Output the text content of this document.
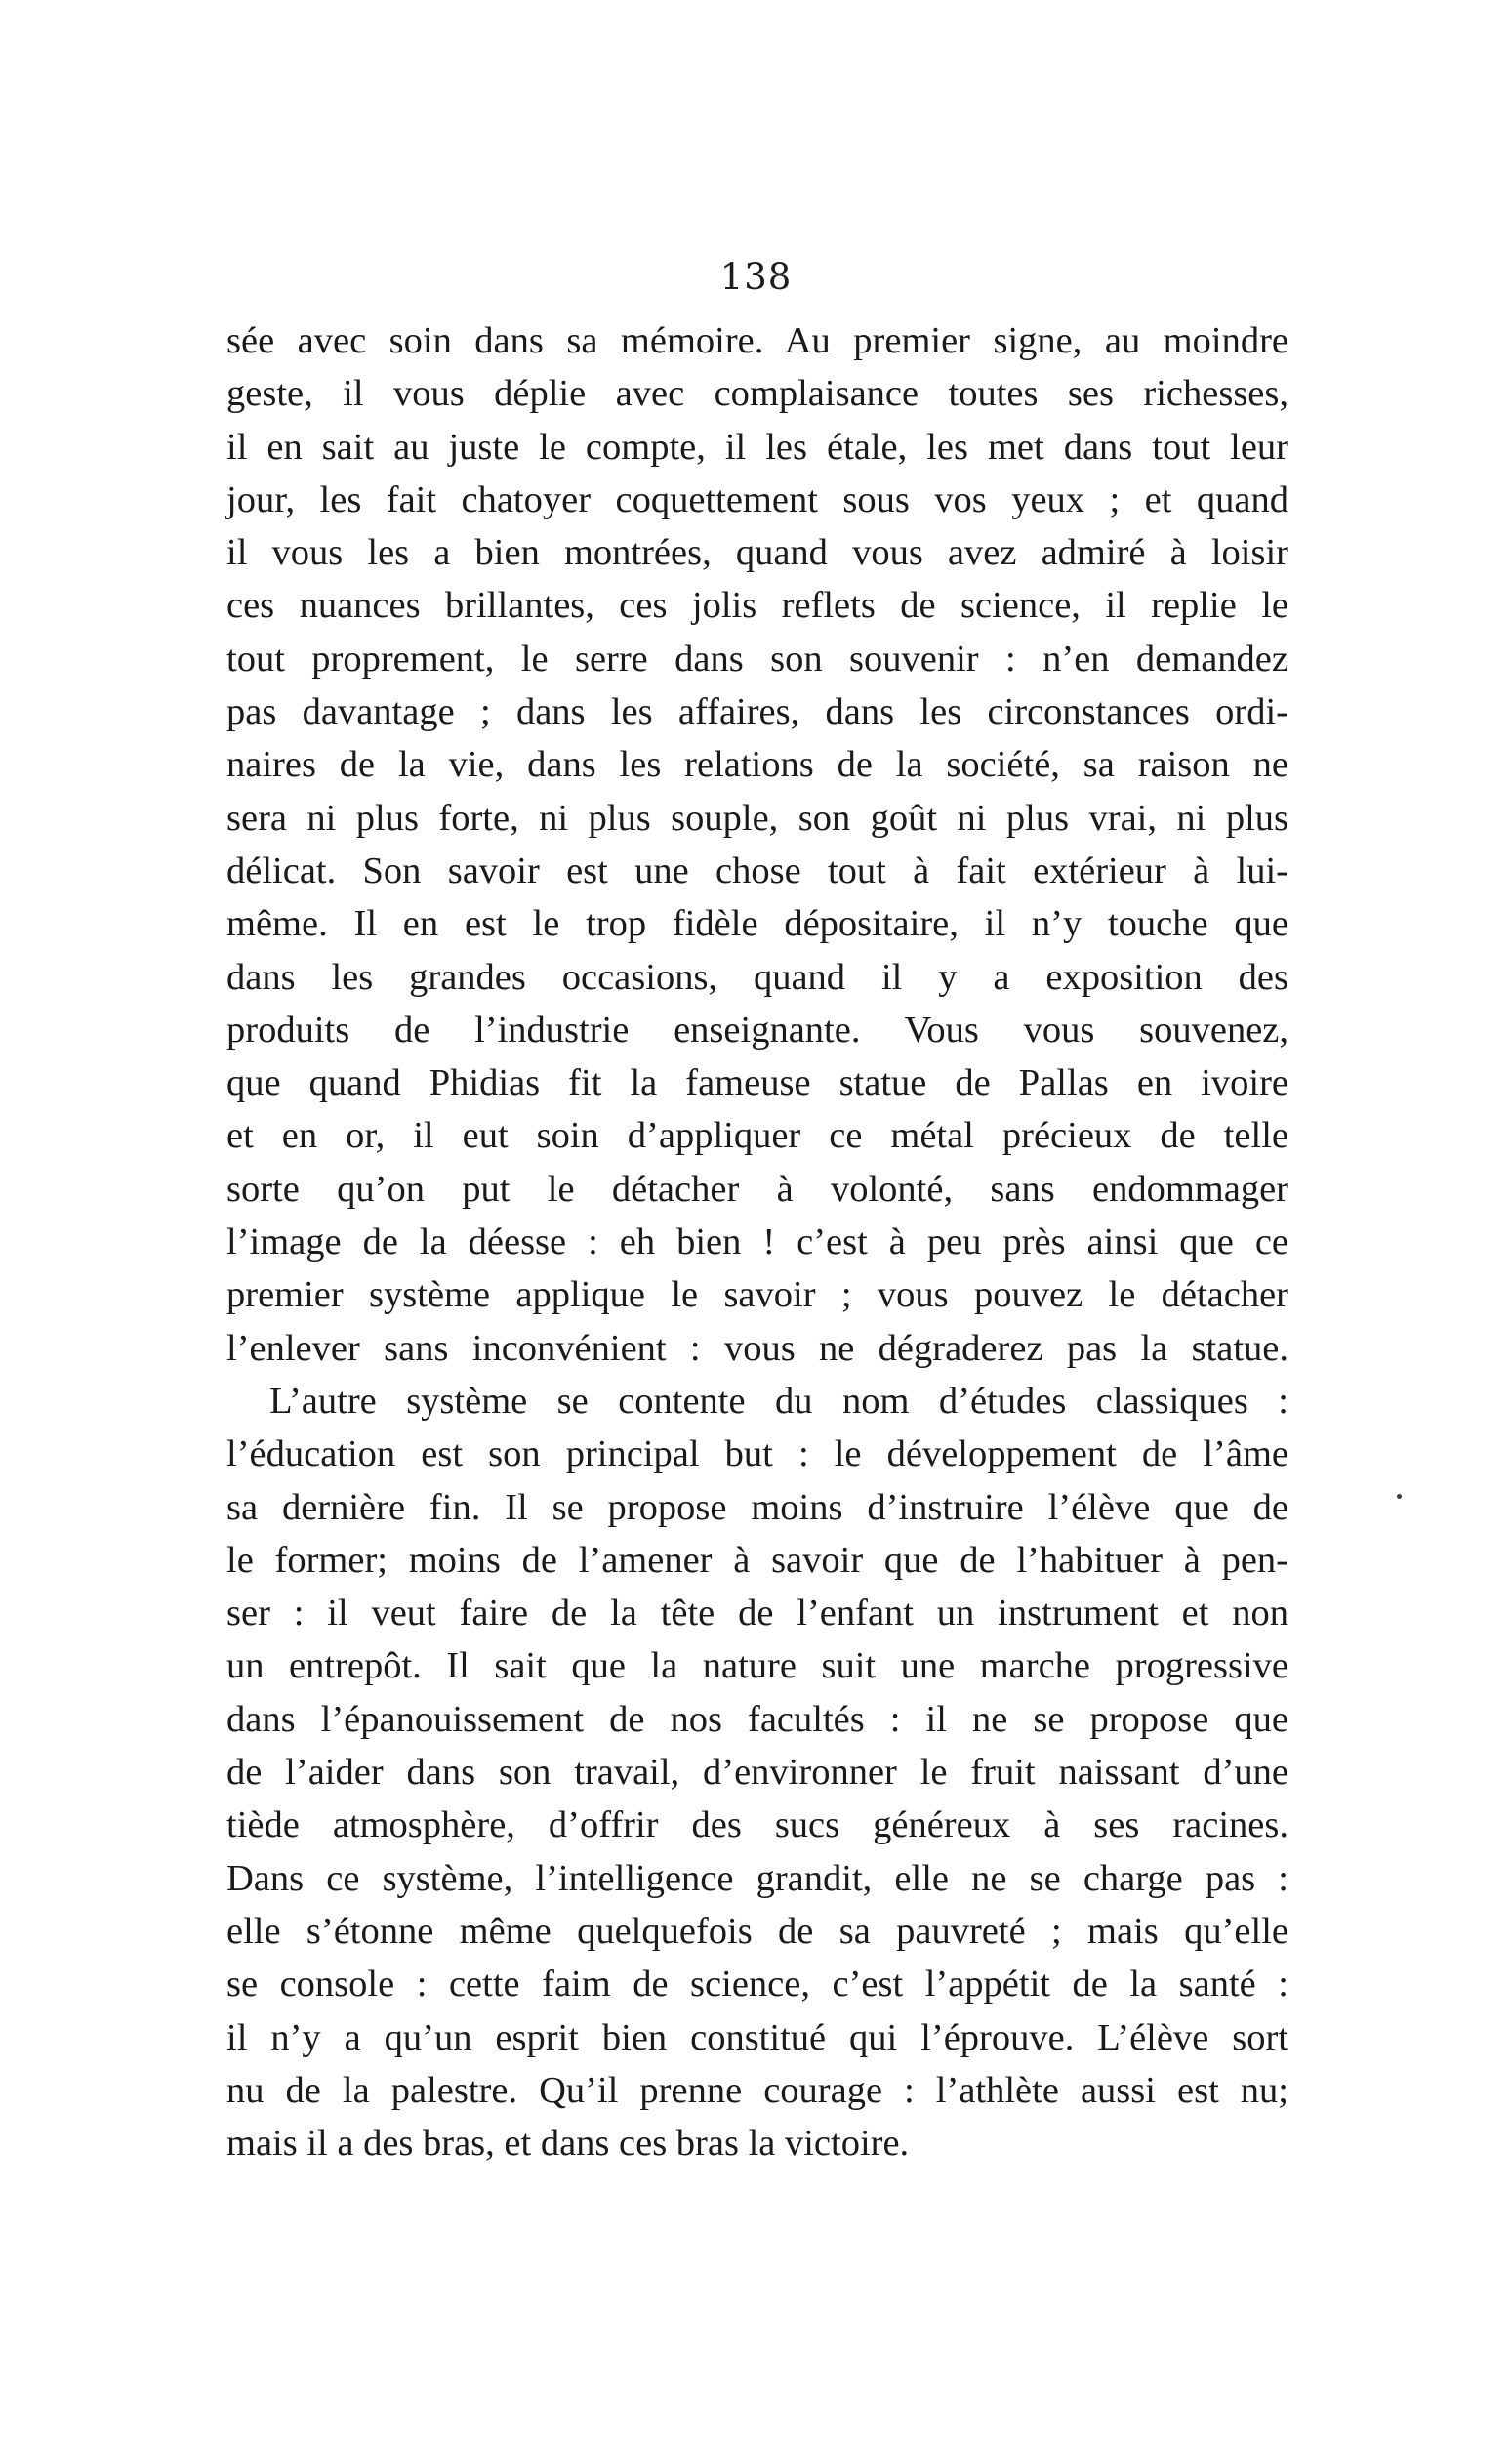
138

sée avec soin dans sa mémoire. Au premier signe, au moindre
geste, il vous déplie avec complaisance toutes ses richesses,
il en sait au juste le compte, il les étale, les met dans tout leur
jour, les fait chatoyer coquettement sous vos yeux ; et quand
il vous les a bien montrées, quand vous avez admiré à loisir
ces nuances brillantes, ces jolis reflets de science, il replie le
tout proprement, le serre dans son souvenir : n’en demandez
pas davantage ; dans les affaires, dans les circonstances ordi-
naires de la vie, dans les relations de la société, sa raison ne
sera ni plus forte, ni plus souple, son goût ni plus vrai, ni plus
délicat. Son savoir est une chose tout à fait extérieur à lui-
même. Il en est le trop fidèle dépositaire, il n’y touche que
dans les grandes occasions, quand il y a exposition des
produits de l’industrie enseignante. Vous vous souvenez,
que quand Phidias fit la fameuse statue de Pallas en ivoire
et en or, il eut soin d’appliquer ce métal précieux de telle
sorte qu’on put le détacher à volonté, sans endommager
l’image de la déesse : eh bien ! c’est à peu près ainsi que ce
premier système applique le savoir ; vous pouvez le détacher
l’enlever sans inconvénient : vous ne dégraderez pas la statue.
L’autre système se contente du nom d’études classiques :
l’éducation est son principal but : le développement de l’âme
sa dernière fin. Il se propose moins d’instruire l’élève que de
le former; moins de l’amener à savoir que de l’habituer à pen-
ser : il veut faire de la tête de l’enfant un instrument et non
un entrepôt. Il sait que la nature suit une marche progressive
dans l’épanouissement de nos facultés : il ne se propose que
de l’aider dans son travail, d’environner le fruit naissant d’une
tiède atmosphère, d’offrir des sucs généreux à ses racines.
Dans ce système, l’intelligence grandit, elle ne se charge pas :
elle s’étonne même quelquefois de sa pauvreté ; mais qu’elle
se console : cette faim de science, c’est l’appétit de la santé :
il n’y a qu’un esprit bien constitué qui l’éprouve. L’élève sort
nu de la palestre. Qu’il prenne courage : l’athlète aussi est nu;
mais il a des bras, et dans ces bras la victoire.
